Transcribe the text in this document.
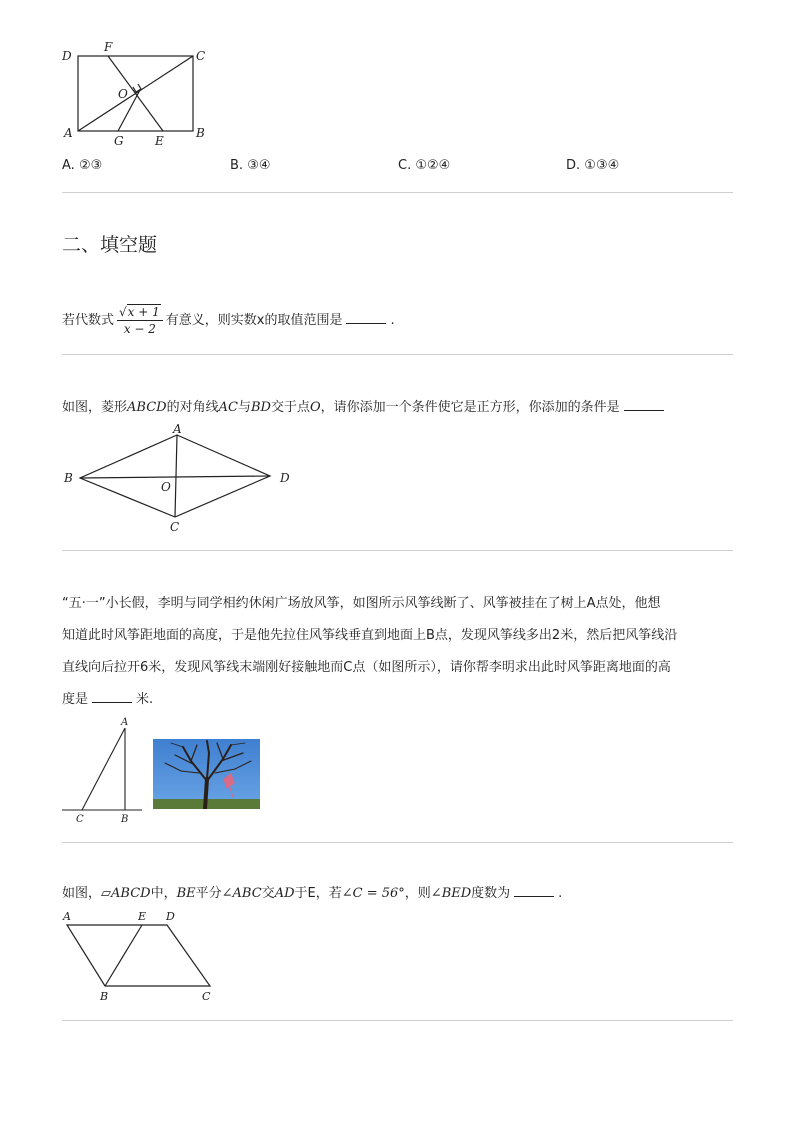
D
F
C
O
A
G	E
B
A. ②③	B. ③④	C. ①②④	D. ①③④
二、填空题
若代数式 $\frac{√x + 1}{x - 2}$ 有意义，则实数x的取值范围是	.
如图，菱形ABCD的对角线AC与BD交于点O，请你添加一个条件使它是正方形，你添加的条件是
A
B	D
O
C
“五·一”小长假，李明与同学相约休闲广场放风筝，如图所示风筝线断了、风筝被挂在了树上A点处，他想
知道此时风筝距地面的高度，于是他先拉住风筝线垂直到地面上B点，发现风筝线多出2米，然后把风筝线沿
直线向后拉开6米，发现风筝线末端刚好接触地而C点（如图所示），请你帮李明求出此时风筝距离地面的高
度是	米.
A
C	B
如图，▱ABCD中，BE平分∠ABC交AD于E，若∠C = 56°，则∠BED度数为	.
A	E D
B	C
